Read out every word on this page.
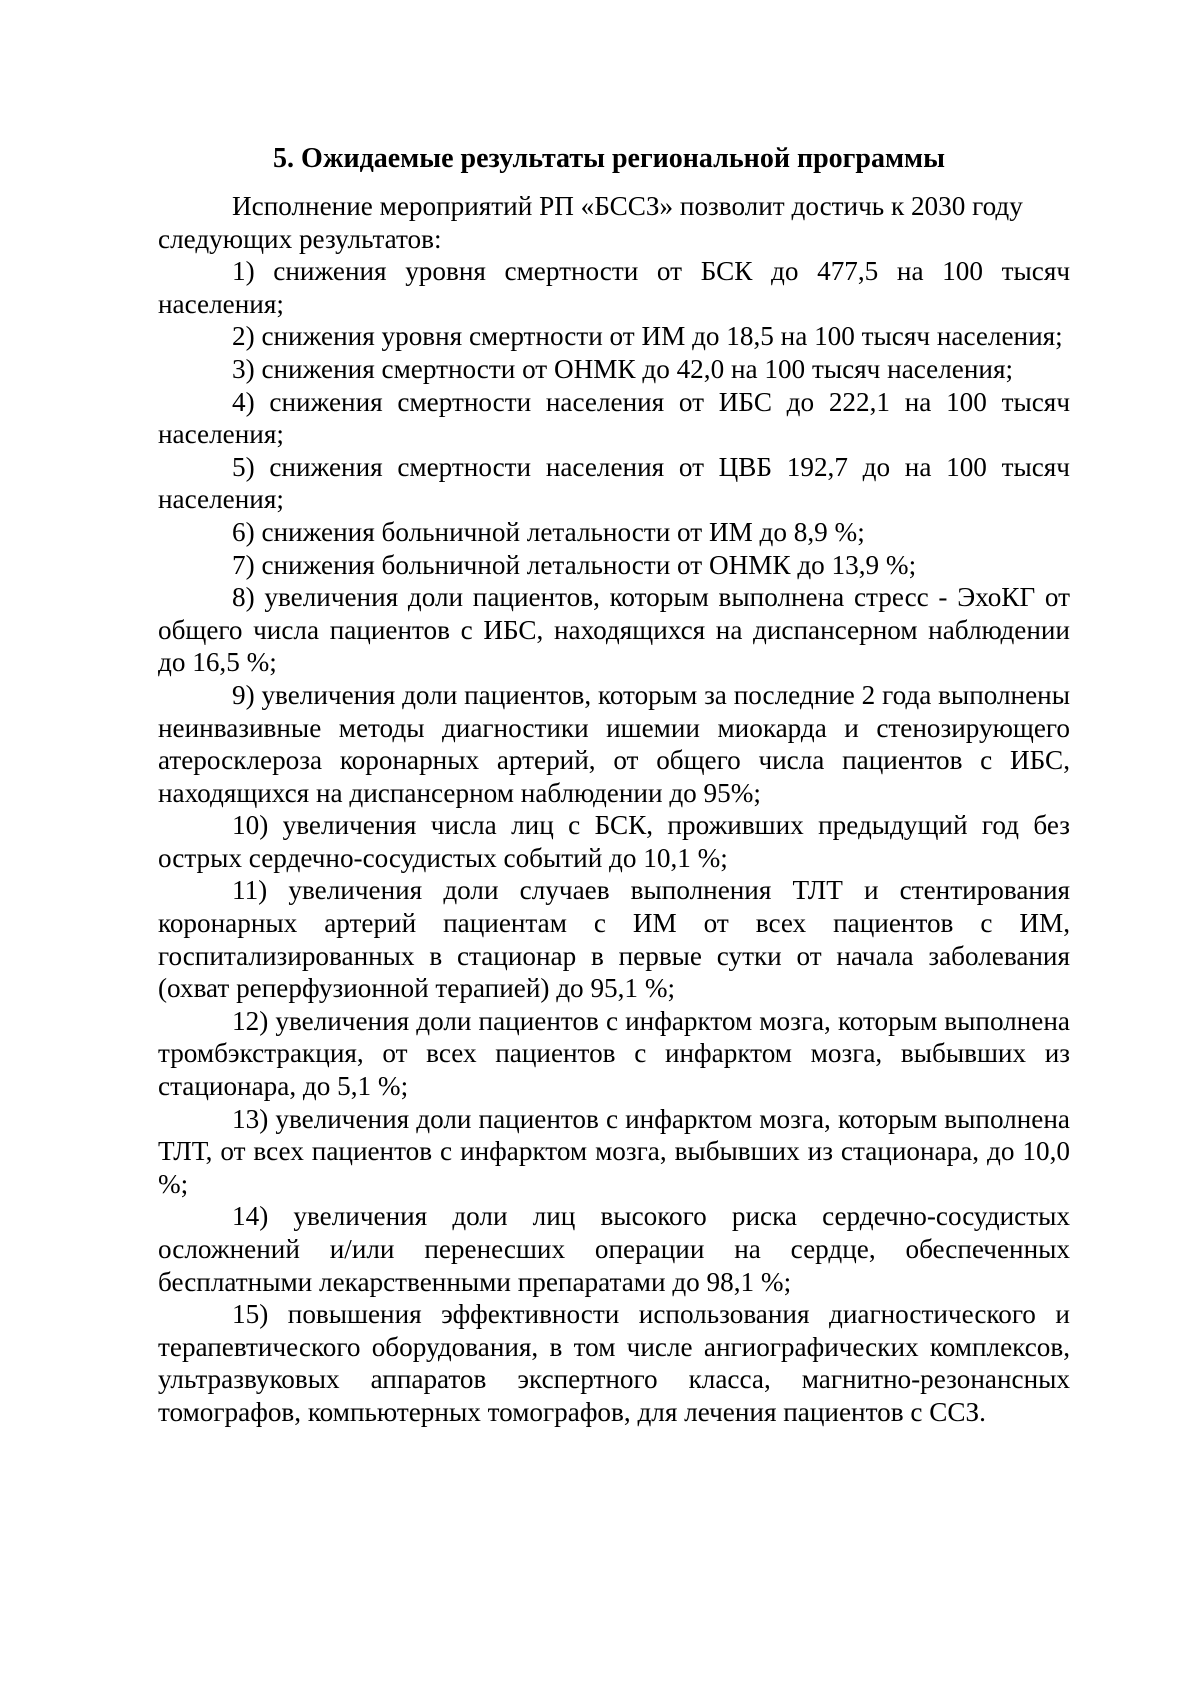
5. Ожидаемые результаты региональной программы

Исполнение мероприятий РП «БССЗ» позволит достичь к 2030 году следующих результатов:

1) снижения уровня смертности от БСК до 477,5 на 100 тысяч населения;

2) снижения уровня смертности от ИМ до 18,5 на 100 тысяч населения;

3) снижения смертности от ОНМК до 42,0 на 100 тысяч населения;

4) снижения смертности населения от ИБС до 222,1 на 100 тысяч населения;

5) снижения смертности населения от ЦВБ 192,7 до на 100 тысяч населения;

6) снижения больничной летальности от ИМ до 8,9 %;

7) снижения больничной летальности от ОНМК до 13,9 %;

8) увеличения доли пациентов, которым выполнена стресс - ЭхоКГ от общего числа пациентов с ИБС, находящихся на диспансерном наблюдении до 16,5 %;

9) увеличения доли пациентов, которым за последние 2 года выполнены неинвазивные методы диагностики ишемии миокарда и стенозирующего атеросклероза коронарных артерий, от общего числа пациентов с ИБС, находящихся на диспансерном наблюдении до 95%;

10) увеличения числа лиц с БСК, проживших предыдущий год без острых сердечно-сосудистых событий до 10,1 %;

11) увеличения доли случаев выполнения ТЛТ и стентирования коронарных артерий пациентам с ИМ от всех пациентов с ИМ, госпитализированных в стационар в первые сутки от начала заболевания (охват реперфузионной терапией) до 95,1 %;

12) увеличения доли пациентов с инфарктом мозга, которым выполнена тромбэкстракция, от всех пациентов с инфарктом мозга, выбывших из стационара, до 5,1 %;

13) увеличения доли пациентов с инфарктом мозга, которым выполнена ТЛТ, от всех пациентов с инфарктом мозга, выбывших из стационара, до 10,0 %;

14) увеличения доли лиц высокого риска сердечно-сосудистых осложнений и/или перенесших операции на сердце, обеспеченных бесплатными лекарственными препаратами до 98,1 %;

15) повышения эффективности использования диагностического и терапевтического оборудования, в том числе ангиографических комплексов, ультразвуковых аппаратов экспертного класса, магнитно-резонансных томографов, компьютерных томографов, для лечения пациентов с ССЗ.
